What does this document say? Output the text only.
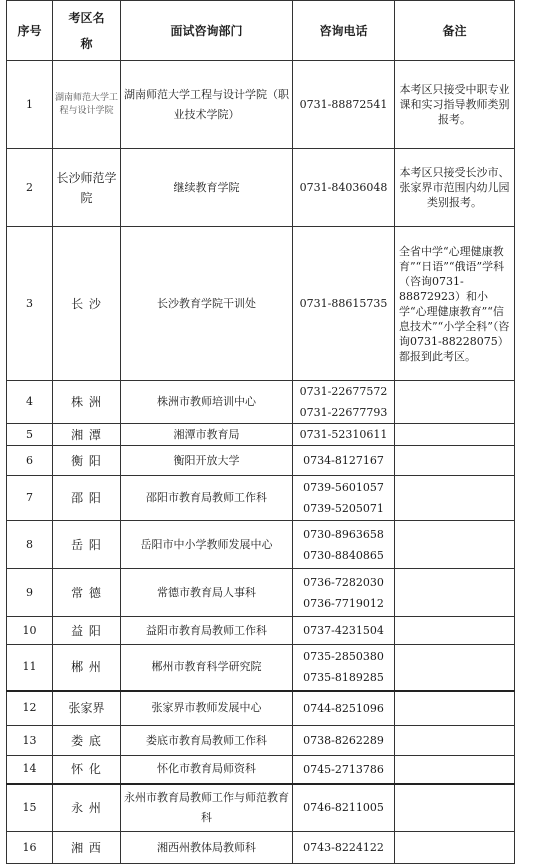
序号	考区名称	面试咨询部门	咨询电话	备注
1	湖南师范大学工程与设计学院	湖南师范大学工程与设计学院（职业技术学院）	0731-88872541	本考区只接受中职专业课和实习指导教师类别报考。
2	长沙师范学院	继续教育学院	0731-84036048	本考区只接受长沙市、张家界市范围内幼儿园类别报考。
3	长 沙	长沙教育学院干训处	0731-88615735	全省中学“心理健康教育”“日语”“俄语”学科（咨询0731-88872923）和小学“心理健康教育”“信息技术”“小学全科”（咨询0731-88228075）都报到此考区。
4	株 洲	株洲市教师培训中心	0731-22677572
0731-22677793	

5	湘 潭	湘潭市教育局	0731-52310611	

6	衡 阳	衡阳开放大学	0734-8127167	

7	邵 阳	邵阳市教育局教师工作科	0739-5601057
0739-5205071	

8	岳 阳	岳阳市中小学教师发展中心	0730-8963658
0730-8840865	

9	常 德	常德市教育局人事科	0736-7282030
0736-7719012	

10	益 阳	益阳市教育局教师工作科	0737-4231504	

11	郴 州	郴州市教育科学研究院	0735-2850380
0735-8189285	

12	张家界	张家界市教师发展中心	0744-8251096	

13	娄 底	娄底市教育局教师工作科	0738-8262289	

14	怀 化	怀化市教育局师资科	0745-2713786	

15	永 州	永州市教育局教师工作与师范教育科	0746-8211005	

16	湘 西	湘西州教体局教师科	0743-8224122	
